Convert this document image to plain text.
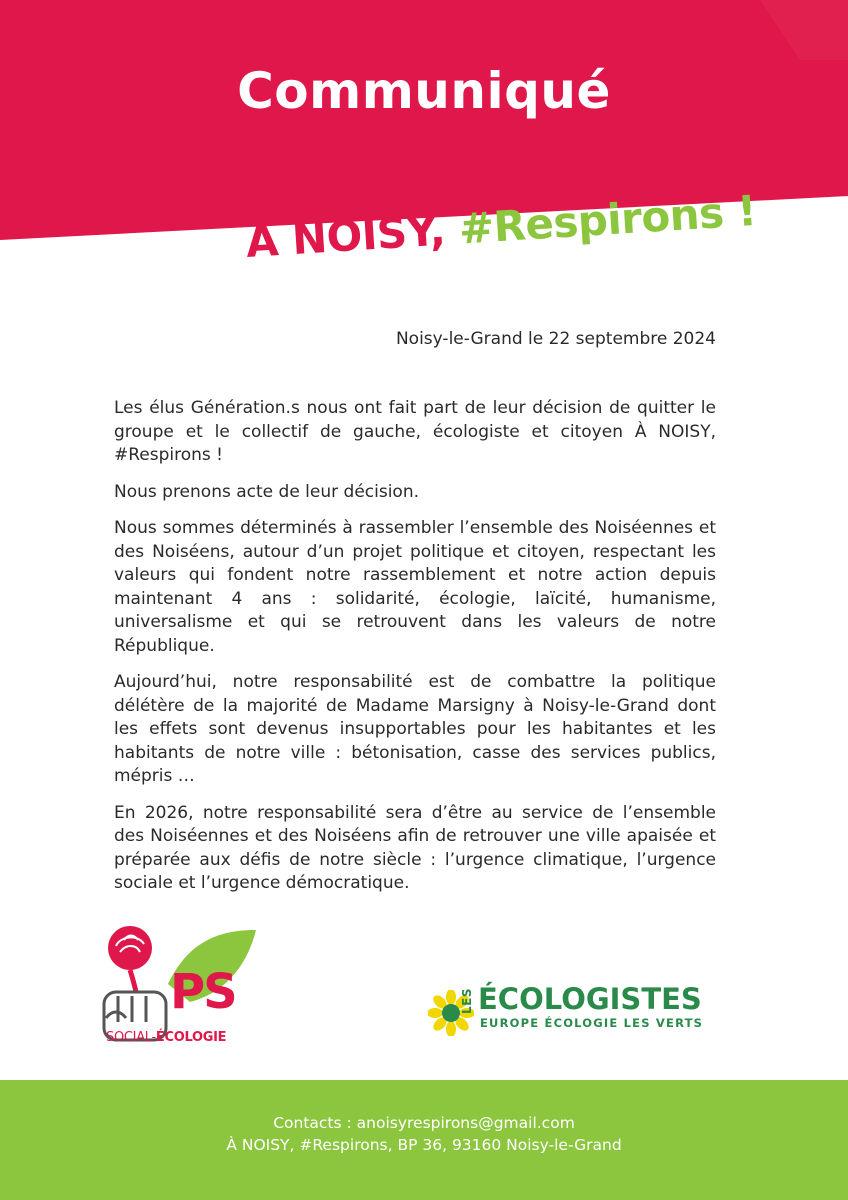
Communiqué
À NOISY, #Respirons !
Noisy-le-Grand le 22 septembre 2024

Les élus Génération.s nous ont fait part de leur décision de quitter le groupe et le collectif de gauche, écologiste et citoyen À NOISY, #Respirons !

Nous prenons acte de leur décision.

Nous sommes déterminés à rassembler l’ensemble des Noiséennes et des Noiséens, autour d’un projet politique et citoyen, respectant les valeurs qui fondent notre rassemblement et notre action depuis maintenant 4 ans : solidarité, écologie, laïcité, humanisme, universalisme et qui se retrouvent dans les valeurs de notre République.

Aujourd’hui, notre responsabilité est de combattre la politique délétère de la majorité de Madame Marsigny à Noisy-le-Grand dont les effets sont devenus insupportables pour les habitantes et les habitants de notre ville : bétonisation, casse des services publics, mépris …

En 2026, notre responsabilité sera d’être au service de l’ensemble des Noiséennes et des Noiséens afin de retrouver une ville apaisée et préparée aux défis de notre siècle : l’urgence climatique, l’urgence sociale et l’urgence démocratique.

PS
SOCIAL-ÉCOLOGIE
LES ÉCOLOGISTES
EUROPE ÉCOLOGIE LES VERTS
Contacts : anoisyrespirons@gmail.com
À NOISY, #Respirons, BP 36, 93160 Noisy-le-Grand
